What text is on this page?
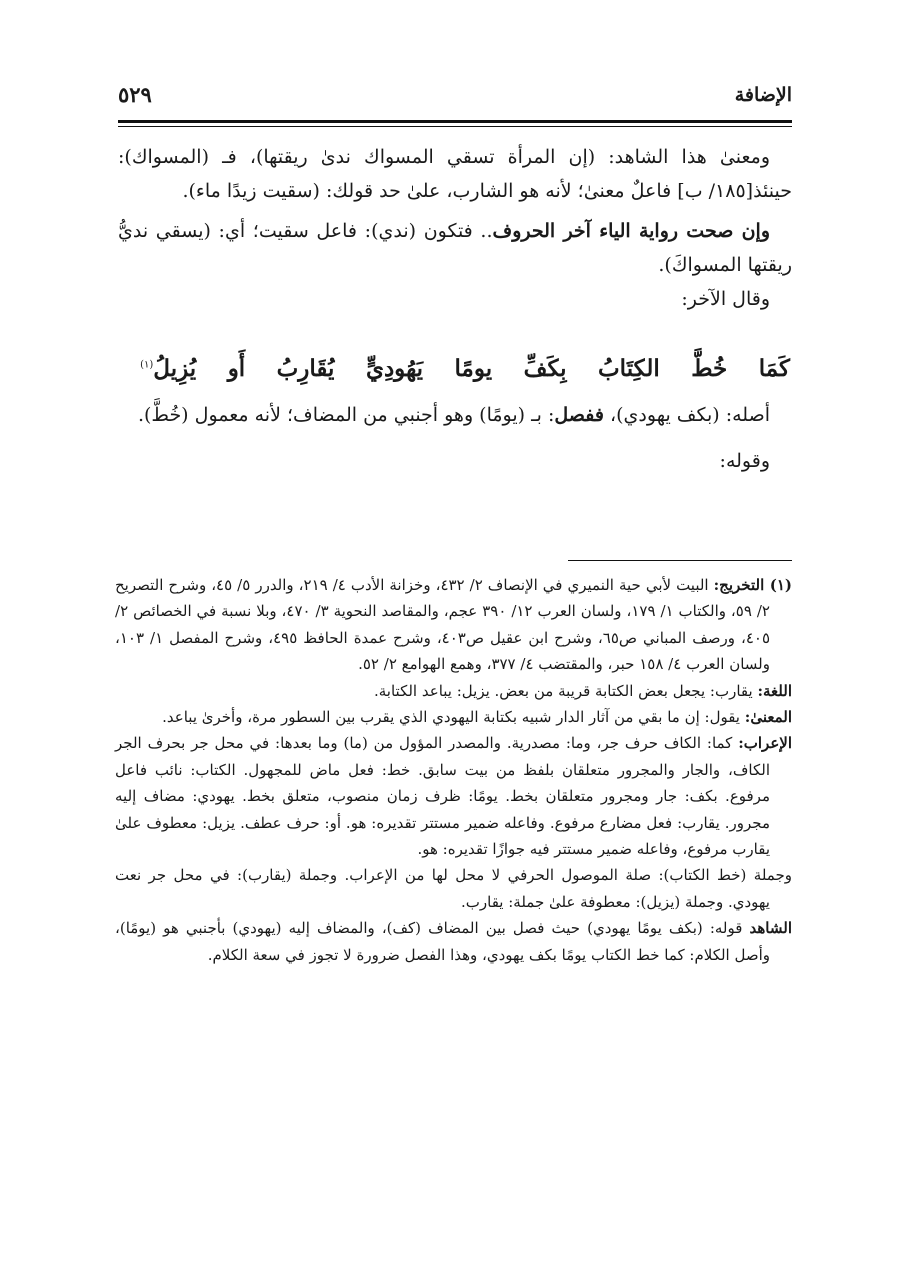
الإضافة
٥٢٩

ومعنىٰ هذا الشاهد: (إن المرأة تسقي المسواك ندىٰ ريقتها)، فـ (المسواك): حينئذ[١٨٥/ ب] فاعلٌ معنىٰ؛ لأنه هو الشارب، علىٰ حد قولك: (سقيت زيدًا ماء).

وإن صحت رواية الياء آخر الحروف.. فتكون (ندي): فاعل سقيت؛ أي: (يسقي نديُّ ريقتها المسواكَ).

وقال الآخر:

كَمَا
خُطَّ
الكِتَابُ
بِكَفِّ
يومًا
يَهُودِيٍّ
يُقَارِبُ
أَو
يُزِيلُ$^{(١)}$

أصله: (بكف يهودي)، ففصل: بـ (يومًا) وهو أجنبي من المضاف؛ لأنه معمول (خُطَّ).

وقوله:

(١) التخريج: البيت لأبي حية النميري في الإنصاف ٢/ ٤٣٢، وخزانة الأدب ٤/ ٢١٩، والدرر ٥/ ٤٥، وشرح التصريح ٢/ ٥٩، والكتاب ١/ ١٧٩، ولسان العرب ١٢/ ٣٩٠ عجم، والمقاصد النحوية ٣/ ٤٧٠، وبلا نسبة في الخصائص ٢/ ٤٠٥، ورصف المباني ص٦٥، وشرح ابن عقيل ص٤٠٣، وشرح عمدة الحافظ ٤٩٥، وشرح المفصل ١/ ١٠٣، ولسان العرب ٤/ ١٥٨ حبر، والمقتضب ٤/ ٣٧٧، وهمع الهوامع ٢/ ٥٢.

اللغة: يقارب: يجعل بعض الكتابة قريبة من بعض. يزيل: يباعد الكتابة.

المعنىٰ: يقول: إن ما بقي من آثار الدار شبيه بكتابة اليهودي الذي يقرب بين السطور مرة، وأخرىٰ يباعد.

الإعراب: كما: الكاف حرف جر، وما: مصدرية. والمصدر المؤول من (ما) وما بعدها: في محل جر بحرف الجر الكاف، والجار والمجرور متعلقان بلفظ من بيت سابق. خط: فعل ماض للمجهول. الكتاب: نائب فاعل مرفوع. بكف: جار ومجرور متعلقان بخط. يومًا: ظرف زمان منصوب، متعلق بخط. يهودي: مضاف إليه مجرور. يقارب: فعل مضارع مرفوع. وفاعله ضمير مستتر تقديره: هو. أو: حرف عطف. يزيل: معطوف علىٰ يقارب مرفوع، وفاعله ضمير مستتر فيه جوازًا تقديره: هو.

وجملة (خط الكتاب): صلة الموصول الحرفي لا محل لها من الإعراب. وجملة (يقارب): في محل جر نعت يهودي. وجملة (يزيل): معطوفة علىٰ جملة: يقارب.

الشاهد قوله: (بكف يومًا يهودي) حيث فصل بين المضاف (كف)، والمضاف إليه (يهودي) بأجنبي هو (يومًا)، وأصل الكلام: كما خط الكتاب يومًا بكف يهودي، وهذا الفصل ضرورة لا تجوز في سعة الكلام.
